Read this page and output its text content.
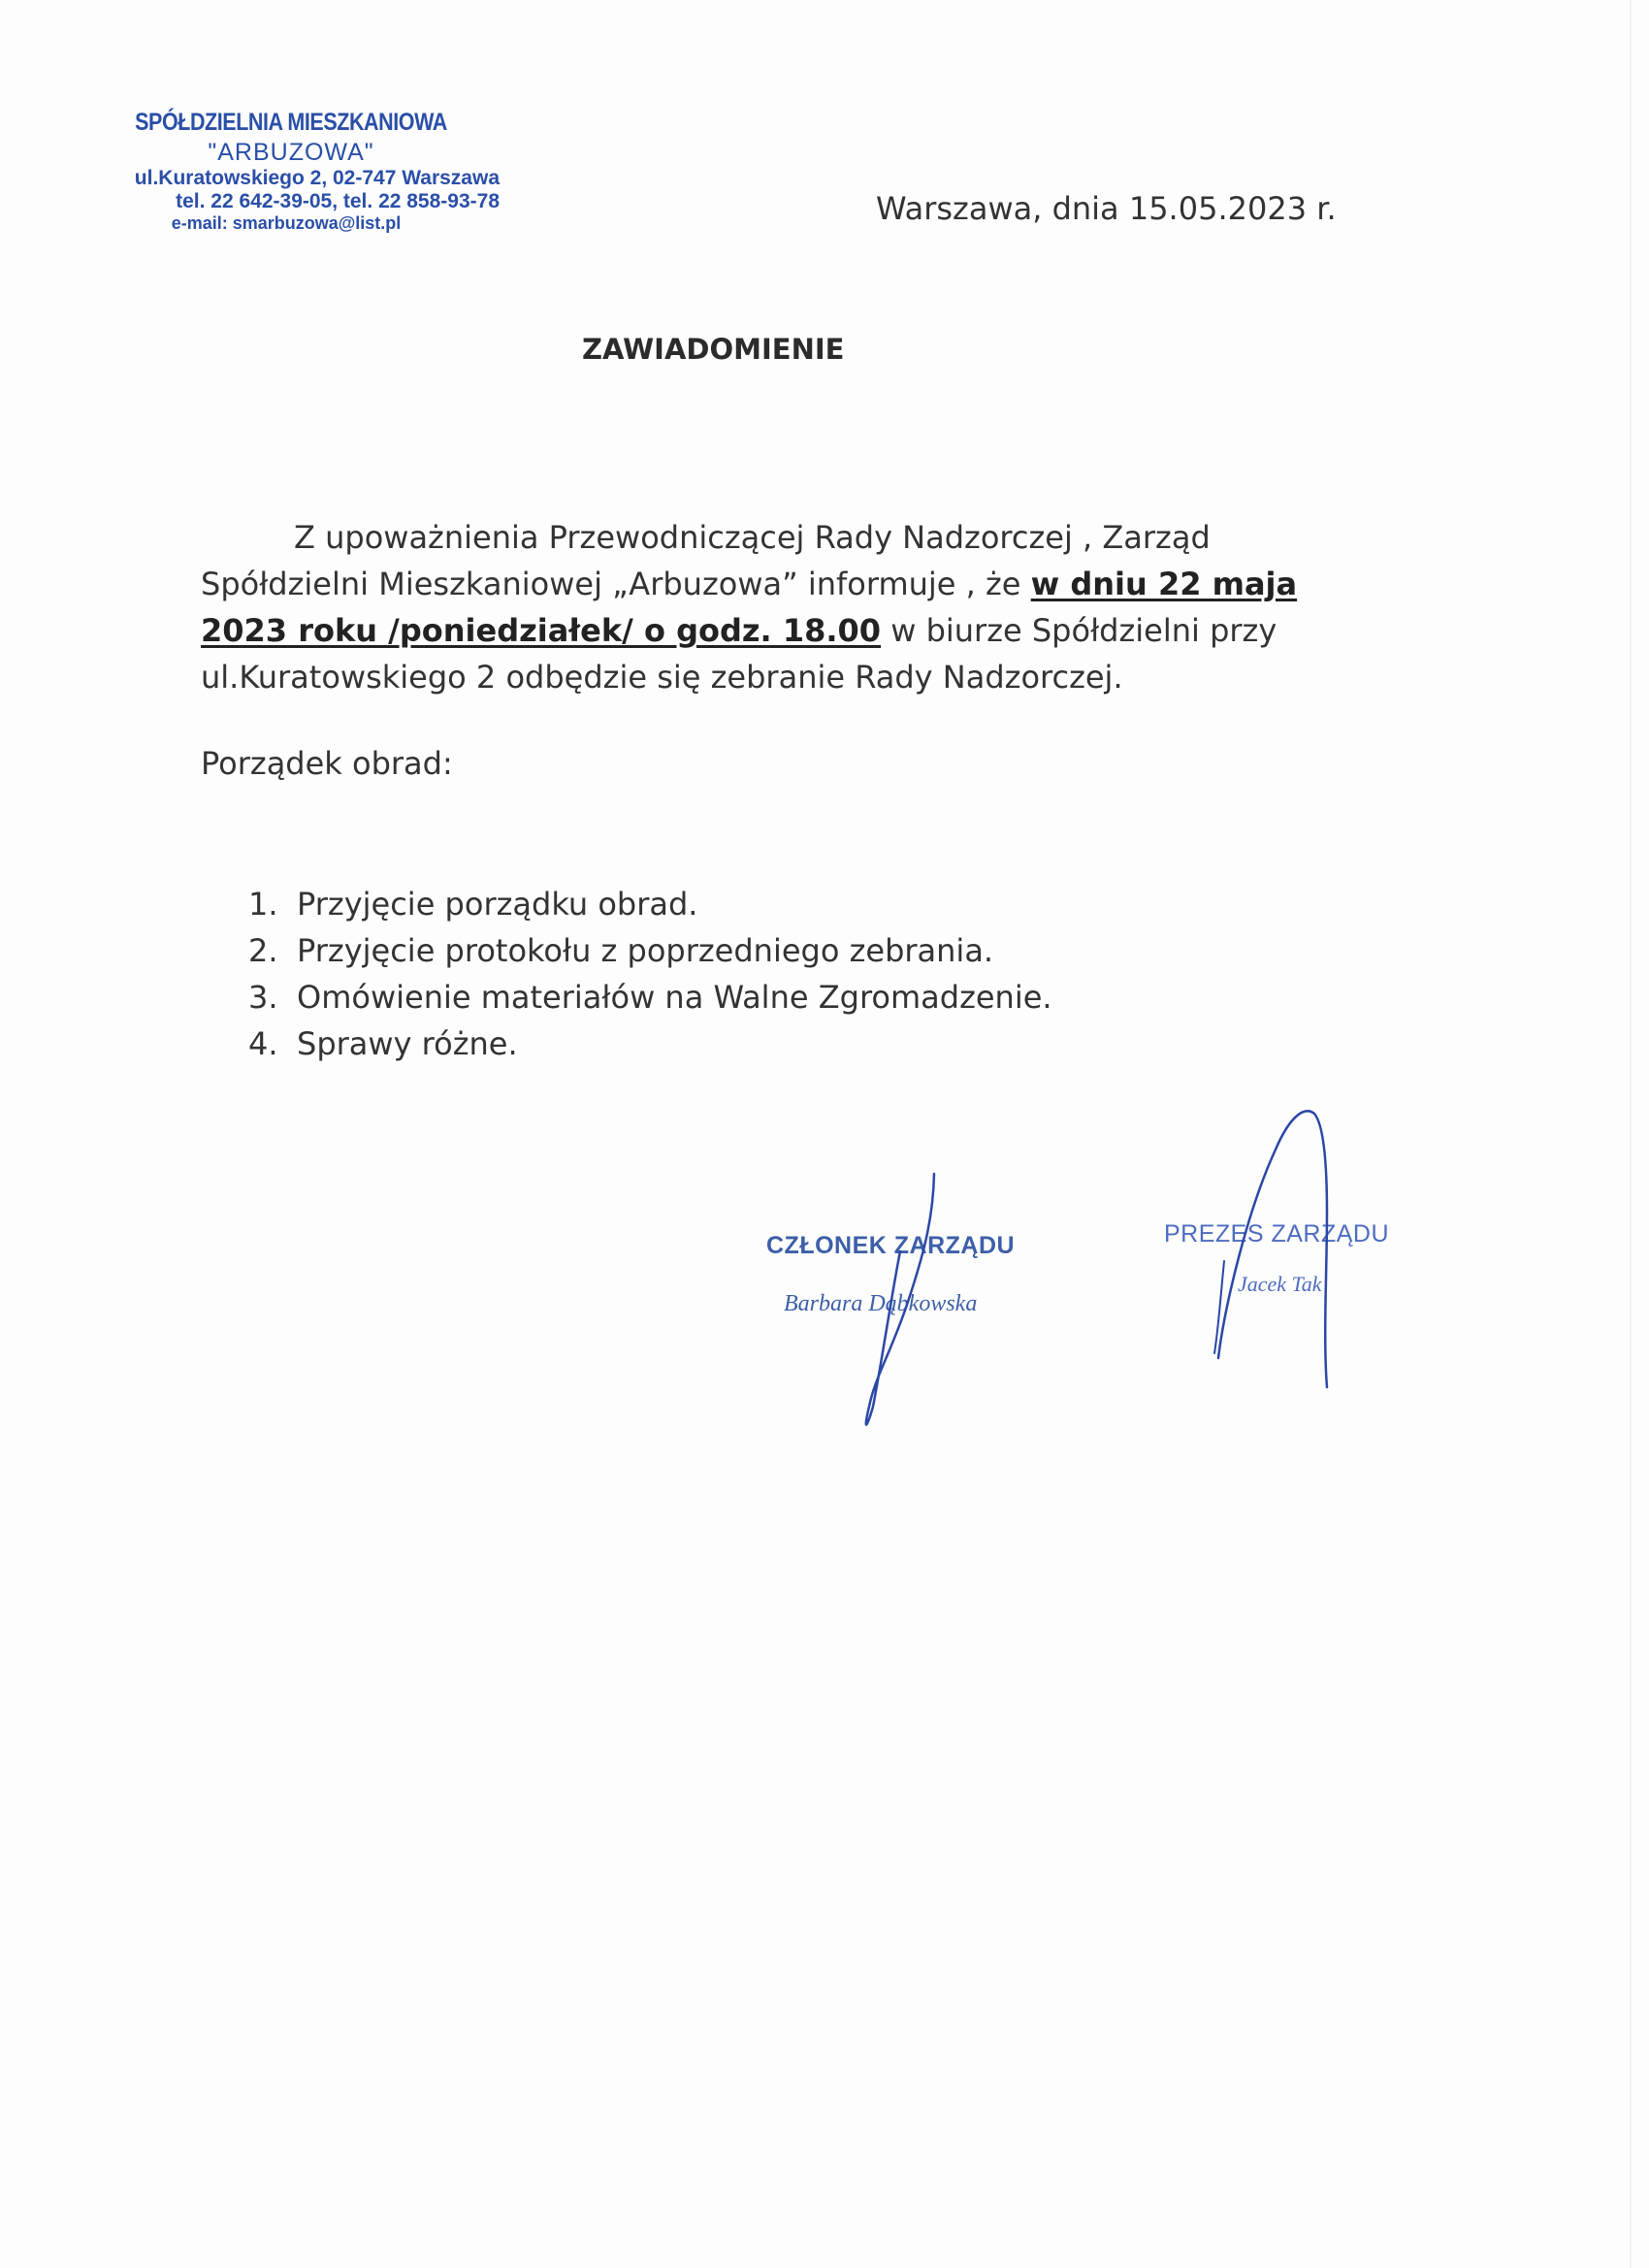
SPÓŁDZIELNIA MIESZKANIOWA
"ARBUZOWA"
ul.Kuratowskiego 2, 02-747 Warszawa
tel. 22 642-39-05, tel. 22 858-93-78
e-mail: smarbuzowa@list.pl	Warszawa, dnia 15.05.2023 r.
ZAWIADOMIENIE
Z upoważnienia Przewodniczącej Rady Nadzorczej , Zarząd Spółdzielni Mieszkaniowej „Arbuzowa” informuje , że w dniu 22 maja 2023 roku /poniedziałek/ o godz. 18.00 w biurze Spółdzielni przy ul.Kuratowskiego 2 odbędzie się zebranie Rady Nadzorczej.
Porządek obrad:
1. Przyjęcie porządku obrad.
2. Przyjęcie protokołu z poprzedniego zebrania.
3. Omówienie materiałów na Walne Zgromadzenie.
4. Sprawy różne.
CZŁONEK ZARZĄDU
Barbara Dąbkowska
PREZES ZARZĄDU
Jacek Tak
